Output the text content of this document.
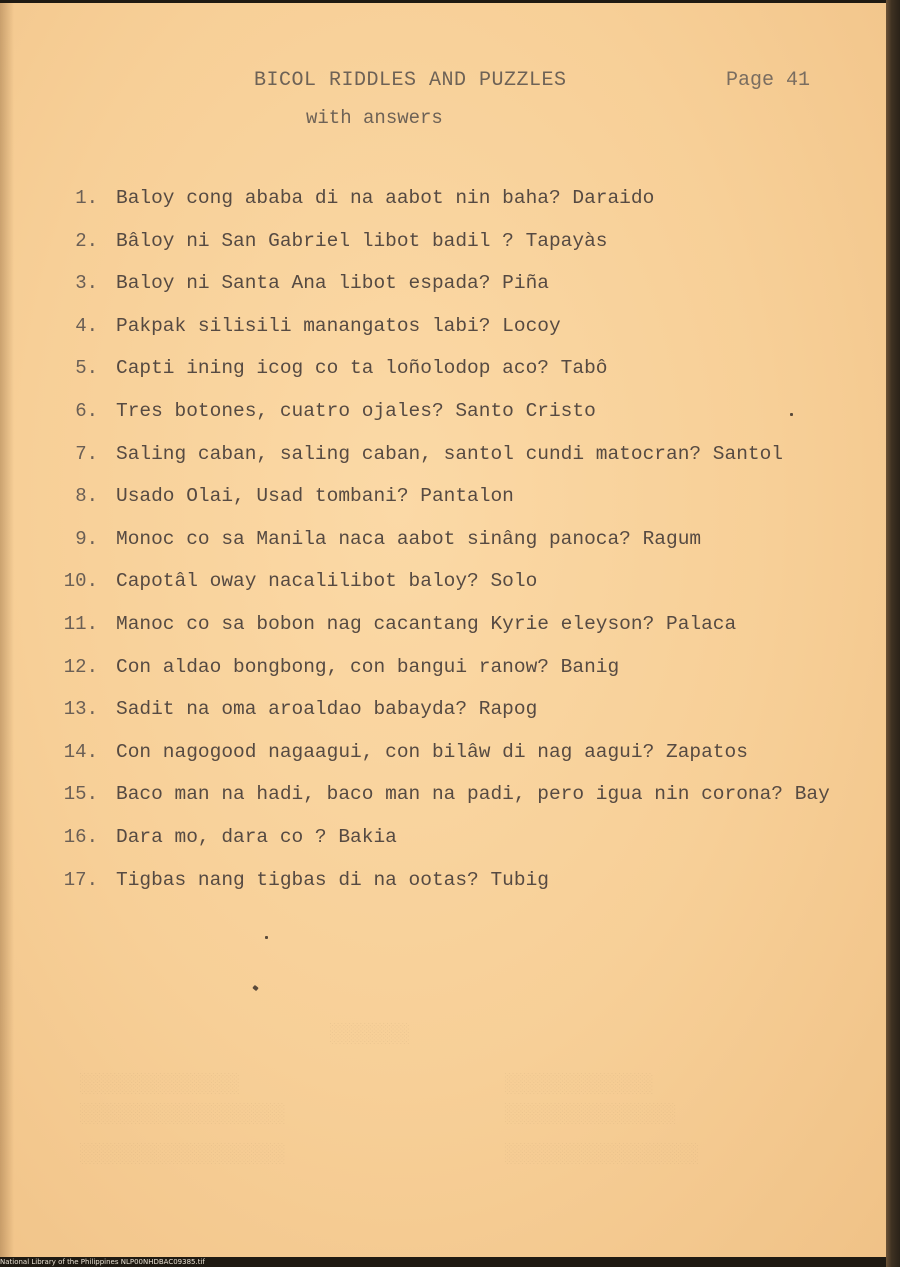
░░░░░░░
░░░░░░░░░░░░░░	░░░░░░░░░░░░░
░░░░░░░░░░░░░░░░░░	░░░░░░░░░░░░░░░
░░░░░░░░░░░░░░░░░░	░░░░░░░░░░░░░░░░░
BICOL RIDDLES AND PUZZLES	Page 41
with answers
1. Baloy cong ababa di na aabot nin baha? Daraido
2. Bâloy ni San Gabriel libot badil ? Tapayàs
3. Baloy ni Santa Ana libot espada? Piña
4. Pakpak silisili manangatos labi? Locoy
5. Capti ining icog co ta loñolodop aco? Tabô
6. Tres botones, cuatro ojales? Santo Cristo
7. Saling caban, saling caban, santol cundi matocran? Santol
8. Usado Olai, Usad tombani? Pantalon
9. Monoc co sa Manila naca aabot sinâng panoca? Ragum
10. Capotâl oway nacalilibot baloy? Solo
11. Manoc co sa bobon nag cacantang Kyrie eleyson? Palaca
12. Con aldao bongbong, con bangui ranow? Banig
13. Sadit na oma aroaldao babayda? Rapog
14. Con nagogood nagaagui, con bilâw di nag aagui? Zapatos
15. Baco man na hadi, baco man na padi, pero igua nin corona? Bay
16. Dara mo, dara co ? Bakia
17. Tigbas nang tigbas di na ootas? Tubig
National Library of the Philippines NLP00NHDBAC09385.tif
